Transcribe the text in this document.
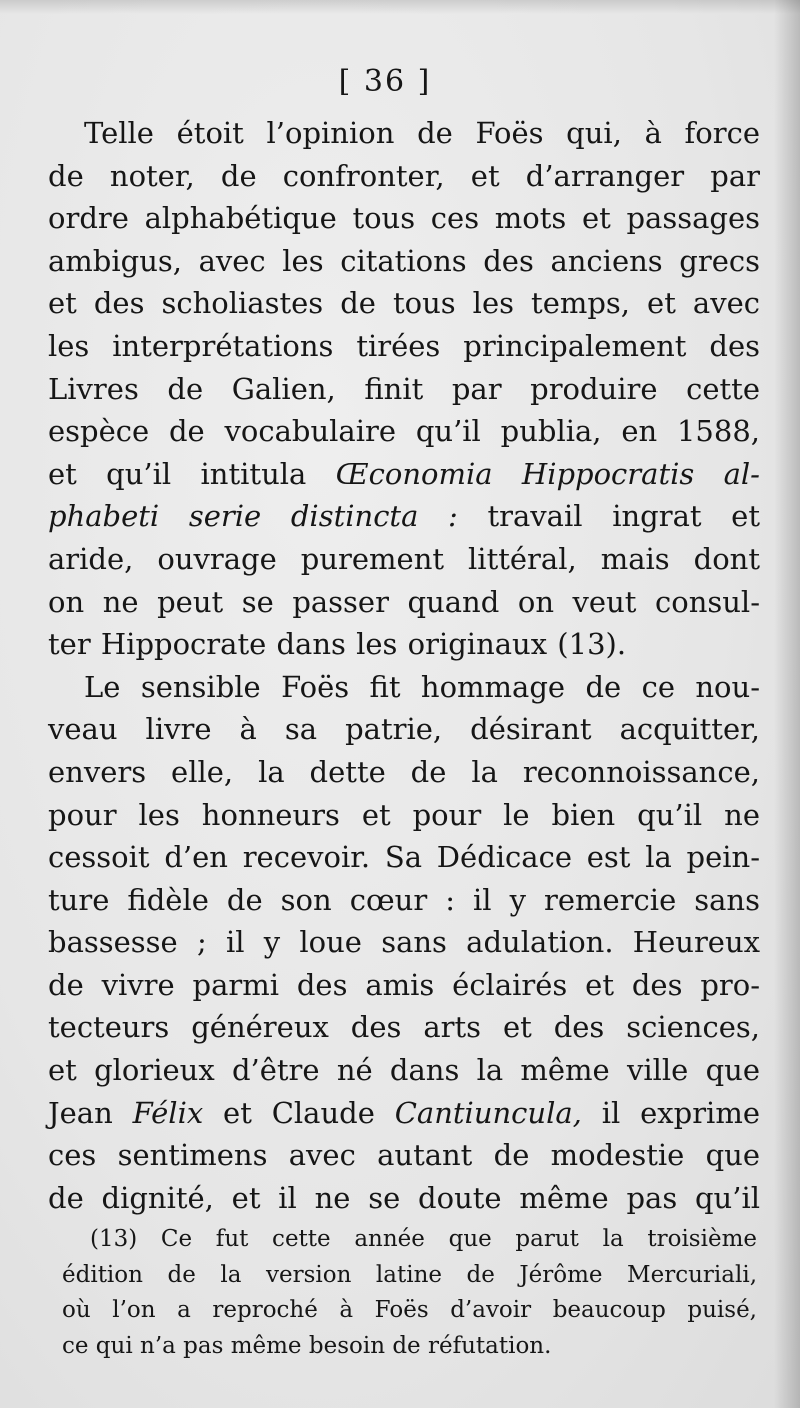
[ 36 ]
Telle étoit l’opinion de Foës qui, à force
de noter, de confronter, et d’arranger par
ordre alphabétique tous ces mots et passages
ambigus, avec les citations des anciens grecs
et des scholiastes de tous les temps, et avec
les interprétations tirées principalement des
Livres de Galien, finit par produire cette
espèce de vocabulaire qu’il publia, en 1588,
et qu’il intitula Œconomia Hippocratis al-
phabeti serie distincta : travail ingrat et
aride, ouvrage purement littéral, mais dont
on ne peut se passer quand on veut consul-
ter Hippocrate dans les originaux (13).
Le sensible Foës fit hommage de ce nou-
veau livre à sa patrie, désirant acquitter,
envers elle, la dette de la reconnoissance,
pour les honneurs et pour le bien qu’il ne
cessoit d’en recevoir. Sa Dédicace est la pein-
ture fidèle de son cœur : il y remercie sans
bassesse ; il y loue sans adulation. Heureux
de vivre parmi des amis éclairés et des pro-
tecteurs généreux des arts et des sciences,
et glorieux d’être né dans la même ville que
Jean Félix et Claude Cantiuncula, il exprime
ces sentimens avec autant de modestie que
de dignité, et il ne se doute même pas qu’il
(13) Ce fut cette année que parut la troisième
édition de la version latine de Jérôme Mercuriali,
où l’on a reproché à Foës d’avoir beaucoup puisé,
ce qui n’a pas même besoin de réfutation.
